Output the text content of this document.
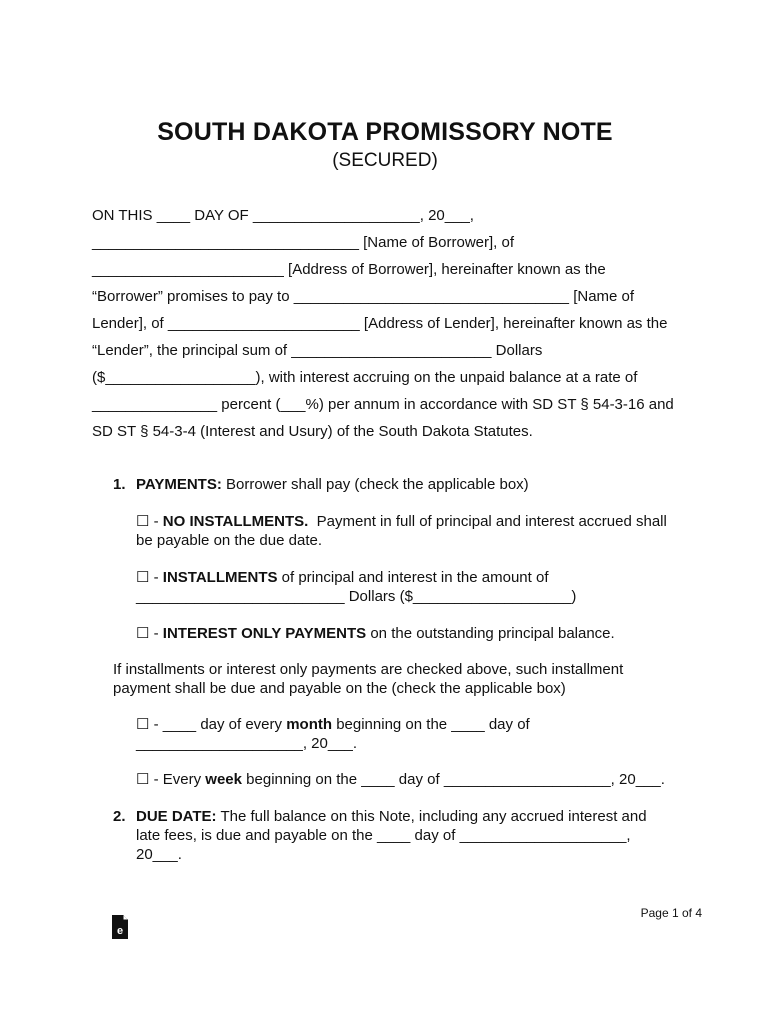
SOUTH DAKOTA PROMISSORY NOTE
(SECURED)
ON THIS ____ DAY OF ____________________, 20___,
________________________________ [Name of Borrower], of
_______________________ [Address of Borrower], hereinafter known as the
“Borrower” promises to pay to _________________________________ [Name of
Lender], of _______________________ [Address of Lender], hereinafter known as the
“Lender”, the principal sum of ________________________ Dollars
($__________________), with interest accruing on the unpaid balance at a rate of
_______________ percent (___%) per annum in accordance with SD ST § 54-3-16 and
SD ST § 54-3-4 (Interest and Usury) of the South Dakota Statutes.
1. PAYMENTS: Borrower shall pay (check the applicable box)
☐ - NO INSTALLMENTS.  Payment in full of principal and interest accrued shall
be payable on the due date.
☐ - INSTALLMENTS of principal and interest in the amount of
_________________________ Dollars ($___________________)
☐ - INTEREST ONLY PAYMENTS on the outstanding principal balance.
If installments or interest only payments are checked above, such installment
payment shall be due and payable on the (check the applicable box)
☐ - ____ day of every month beginning on the ____ day of
____________________, 20___.
☐ - Every week beginning on the ____ day of ____________________, 20___.
2. DUE DATE: The full balance on this Note, including any accrued interest and
late fees, is due and payable on the ____ day of ____________________,
20___.

e

Page 1 of 4
